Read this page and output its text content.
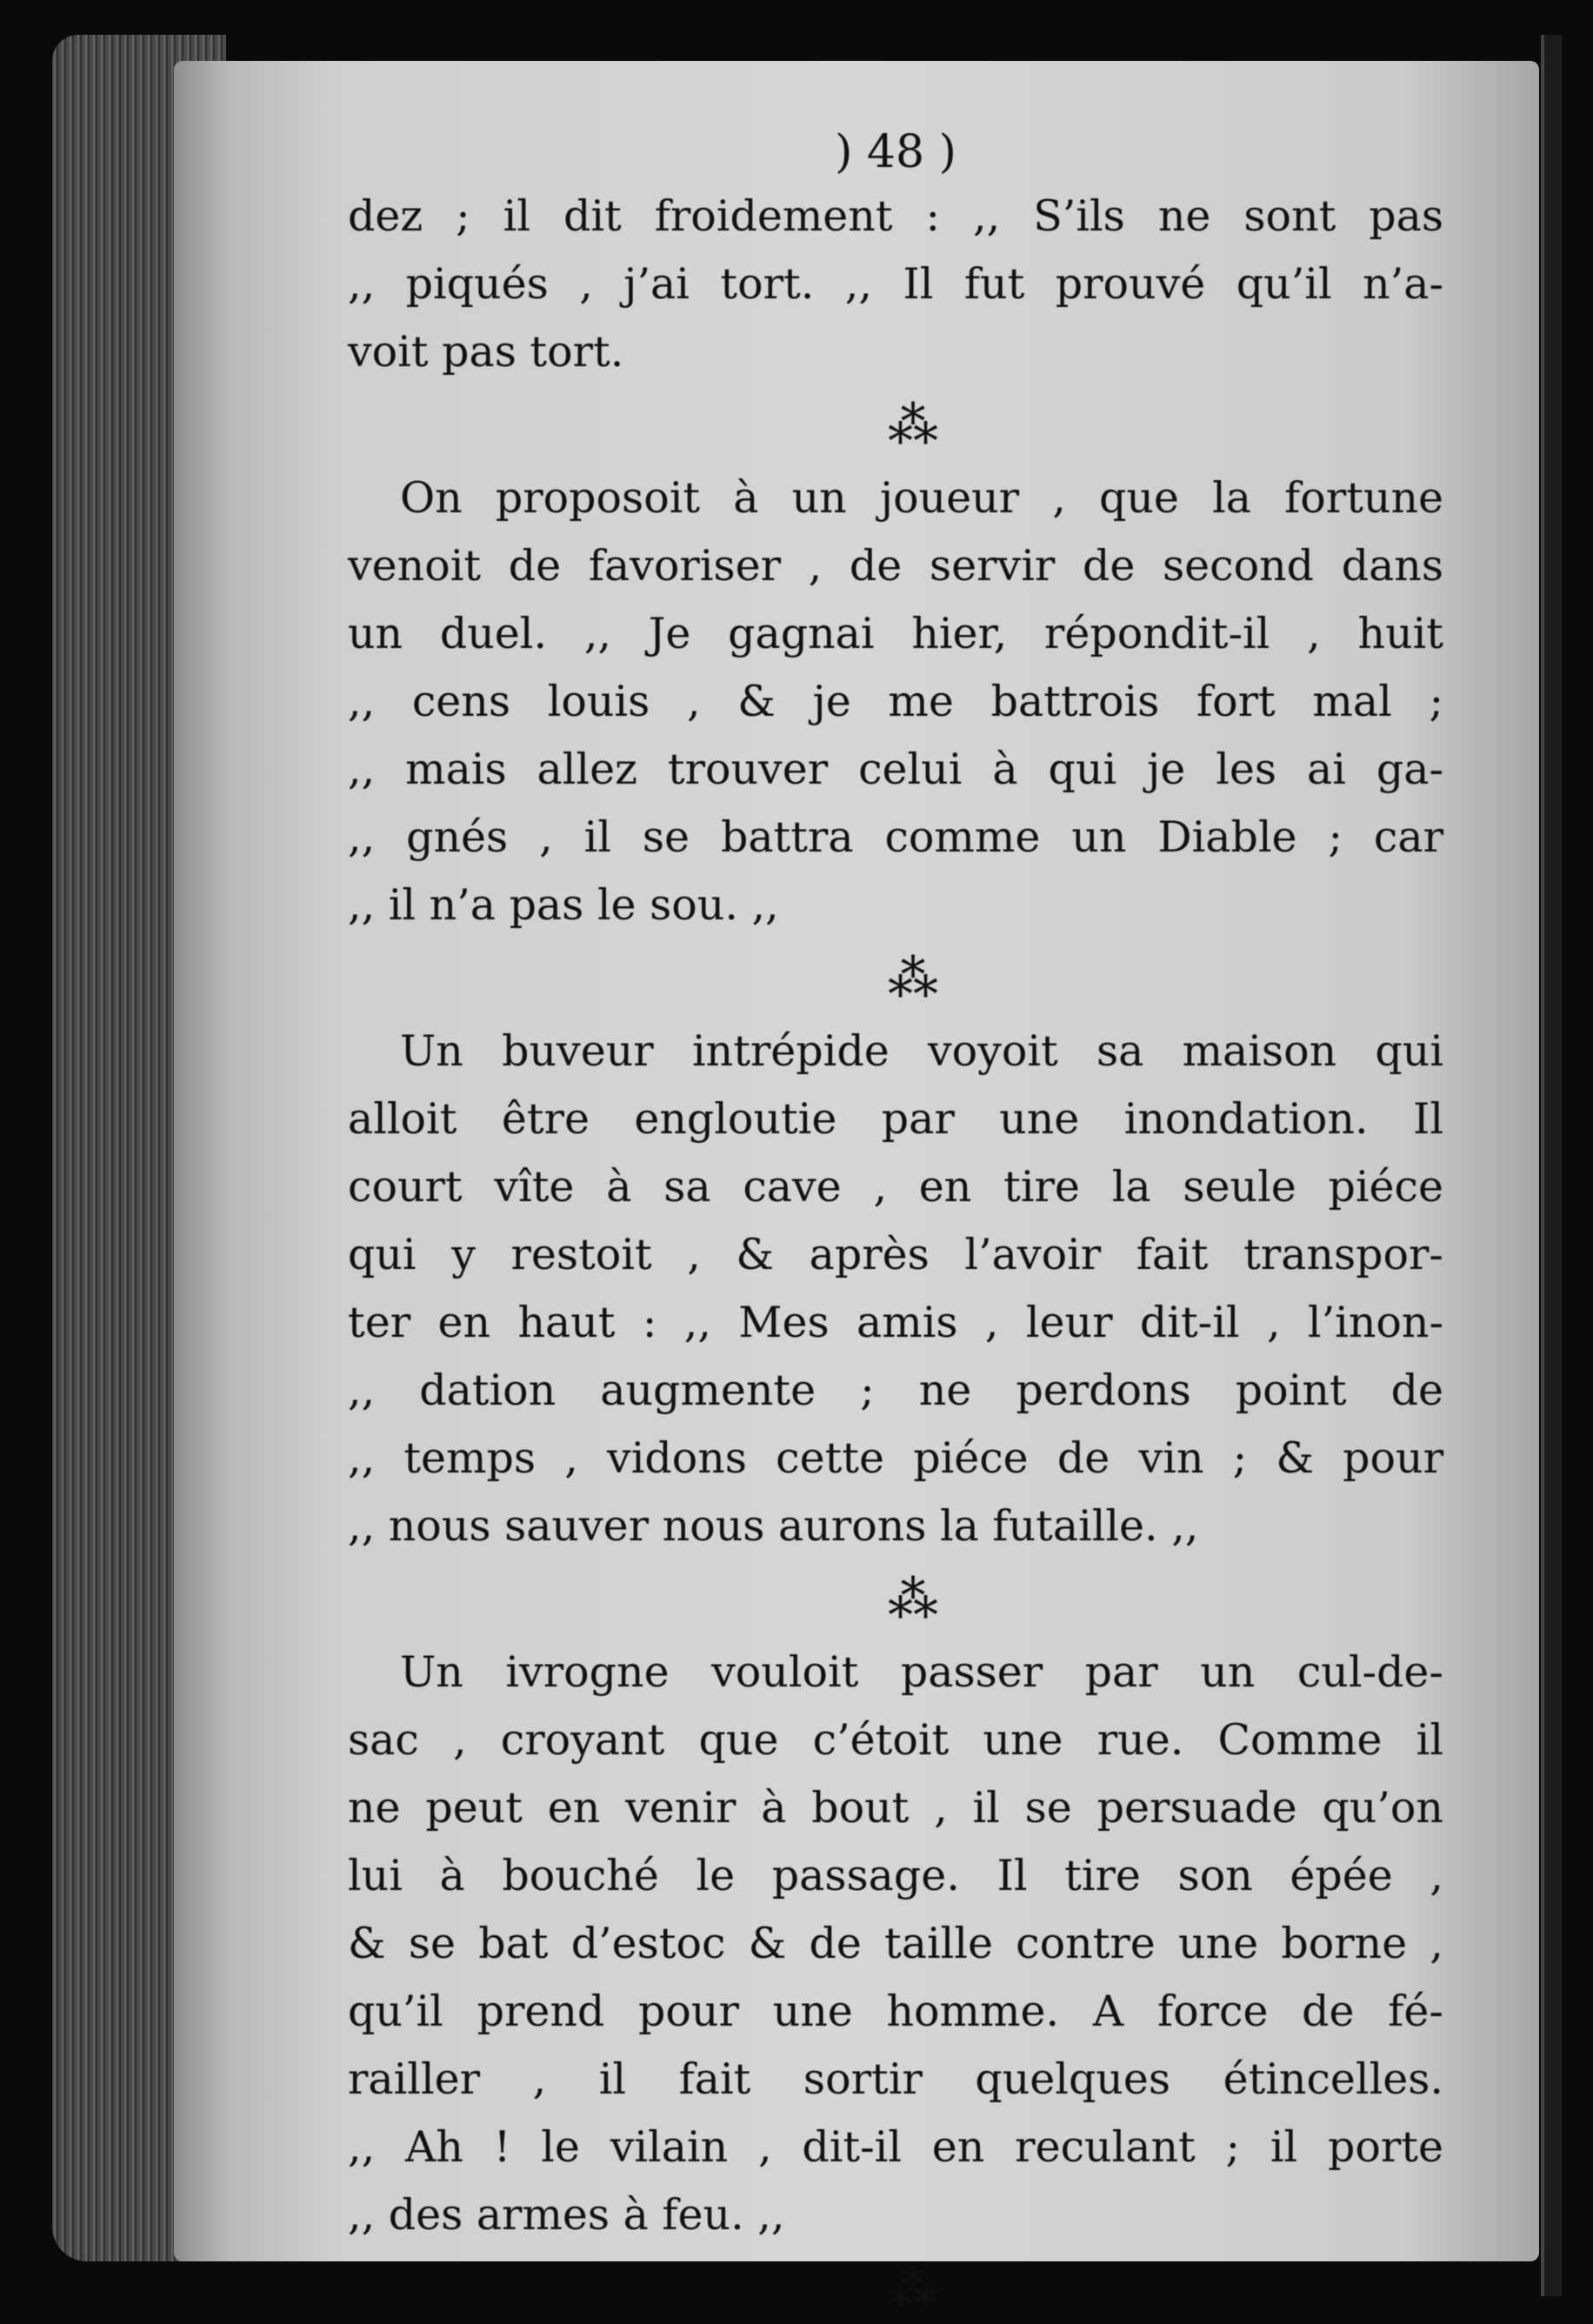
) 48 )
dez ; il dit froidement : ,, S’ils ne sont pas
,, piqués , j’ai tort. ,, Il fut prouvé qu’il n’a-
voit pas tort.
⁂
On proposoit à un joueur , que la fortune
venoit de favoriser , de servir de second dans
un duel. ,, Je gagnai hier, répondit-il , huit
,, cens louis , & je me battrois fort mal ;
,, mais allez trouver celui à qui je les ai ga-
,, gnés , il se battra comme un Diable ; car
,, il n’a pas le sou. ,,
⁂
Un buveur intrépide voyoit sa maison qui
alloit être engloutie par une inondation. Il
court vîte à sa cave , en tire la seule piéce
qui y restoit , & après l’avoir fait transpor-
ter en haut : ,, Mes amis , leur dit-il , l’inon-
,, dation augmente ; ne perdons point de
,, temps , vidons cette piéce de vin ; & pour
,, nous sauver nous aurons la futaille. ,,
⁂
Un ivrogne vouloit passer par un cul-de-
sac , croyant que c’étoit une rue. Comme il
ne peut en venir à bout , il se persuade qu’on
lui à bouché le passage. Il tire son épée ,
& se bat d’estoc & de taille contre une borne ,
qu’il prend pour une homme. A force de fé-
railler , il fait sortir quelques étincelles.
,, Ah ! le vilain , dit-il en reculant ; il porte
,, des armes à feu. ,,
⁂
